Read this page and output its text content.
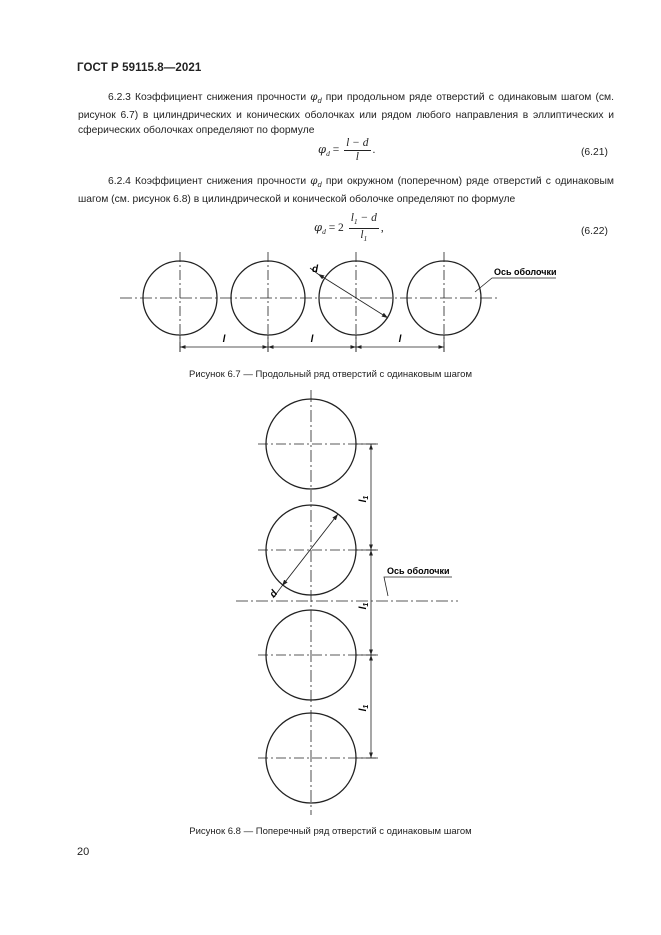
ГОСТ Р 59115.8—2021
6.2.3 Коэффициент снижения прочности $\varphi_d$ при продольном ряде отверстий с одинаковым шагом (см. рисунок 6.7) в цилиндрических и конических оболочках или рядом любого направления в эллиптических и сферических оболочках определяют по формуле
$\varphi_d = \frac{l - d}{l}$ .	(6.21)
6.2.4 Коэффициент снижения прочности $\varphi_d$ при окружном (поперечном) ряде отверстий с одинаковым шагом (см. рисунок 6.8) в цилиндрической и конической оболочке определяют по формуле
$\varphi_d = 2 \frac{l_1 - d}{l_1}$ ,	(6.22)
l	l	l
d	Ось оболочки
Рисунок 6.7 — Продольный ряд отверстий с одинаковым шагом
$l_1$
$l_1$
$l_1$
d
Ось оболочки
Рисунок 6.8 — Поперечный ряд отверстий с одинаковым шагом
20
